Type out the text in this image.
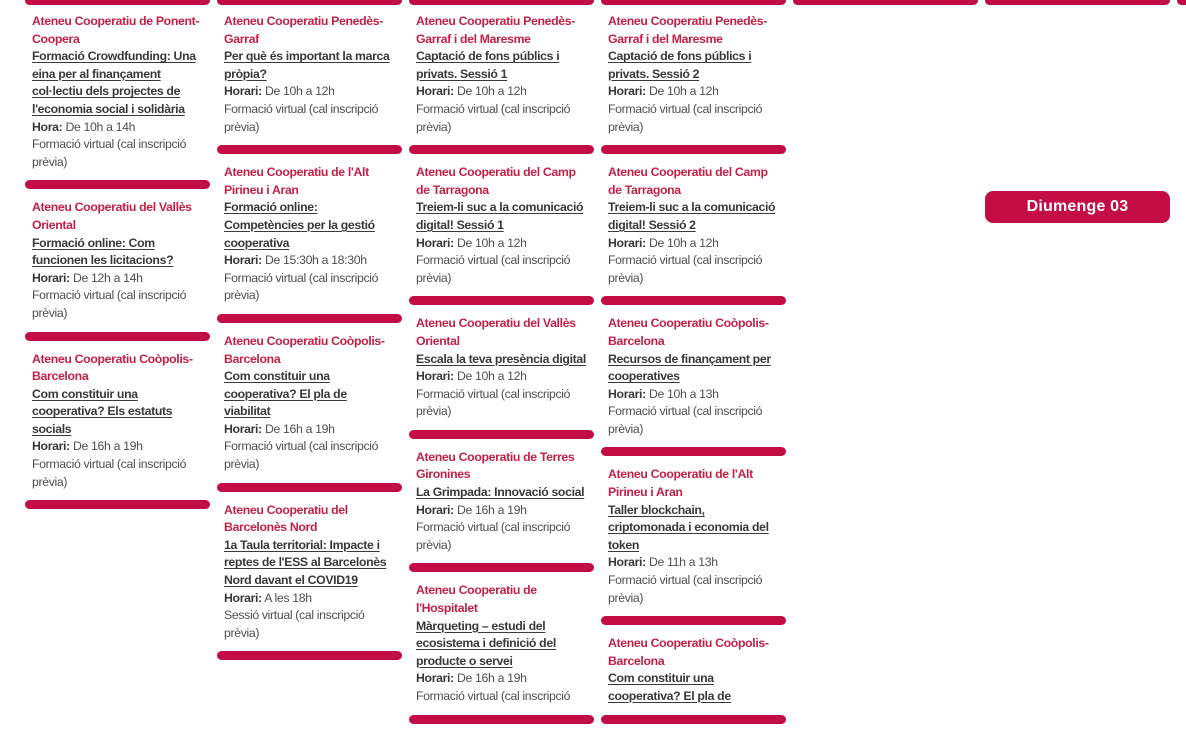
Ateneu Cooperatiu de Ponent-Coopera
Formació Crowdfunding: Una eina per al finançament col·lectiu dels projectes de l'economia social i solidària
Hora: De 10h a 14h
Formació virtual (cal inscripció prèvia)
Ateneu Cooperatiu del Vallès Oriental
Formació online: Com funcionen les licitacions?
Horari: De 12h a 14h
Formació virtual (cal inscripció prèvia)
Ateneu Cooperatiu Coòpolis-Barcelona
Com constituir una cooperativa? Els estatuts socials
Horari: De 16h a 19h
Formació virtual (cal inscripció prèvia)
Ateneu Cooperatiu Penedès-Garraf
Per què és important la marca pròpia?
Horari: De 10h a 12h
Formació virtual (cal inscripció prèvia)
Ateneu Cooperatiu de l'Alt Pirineu i Aran
Formació online: Competències per la gestió cooperativa
Horari: De 15:30h a 18:30h
Formació virtual (cal inscripció prèvia)
Ateneu Cooperatiu Coòpolis-Barcelona
Com constituir una cooperativa? El pla de viabilitat
Horari: De 16h a 19h
Formació virtual (cal inscripció prèvia)
Ateneu Cooperatiu del Barcelonès Nord
1a Taula territorial: Impacte i reptes de l'ESS al Barcelonès Nord davant el COVID19
Horari: A les 18h
Sessió virtual (cal inscripció prèvia)
Ateneu Cooperatiu Penedès-Garraf i del Maresme
Captació de fons públics i privats. Sessió 1
Horari: De 10h a 12h
Formació virtual (cal inscripció prèvia)
Ateneu Cooperatiu del Camp de Tarragona
Treiem-li suc a la comunicació digital! Sessió 1
Horari: De 10h a 12h
Formació virtual (cal inscripció prèvia)
Ateneu Cooperatiu del Vallès Oriental
Escala la teva presència digital
Horari: De 10h a 12h
Formació virtual (cal inscripció prèvia)
Ateneu Cooperatiu de Terres Gironines
La Grimpada: Innovació social
Horari: De 16h a 19h
Formació virtual (cal inscripció prèvia)
Ateneu Cooperatiu de l'Hospitalet
Màrqueting – estudi del ecosistema i definició del producte o servei
Horari: De 16h a 19h
Formació virtual (cal inscripció
Ateneu Cooperatiu Penedès-Garraf i del Maresme
Captació de fons públics i privats. Sessió 2
Horari: De 10h a 12h
Formació virtual (cal inscripció prèvia)
Ateneu Cooperatiu del Camp de Tarragona
Treiem-li suc a la comunicació digital! Sessió 2
Horari: De 10h a 12h
Formació virtual (cal inscripció prèvia)
Ateneu Cooperatiu Coòpolis-Barcelona
Recursos de finançament per cooperatives
Horari: De 10h a 13h
Formació virtual (cal inscripció prèvia)
Ateneu Cooperatiu de l'Alt Pirineu i Aran
Taller blockchain, criptomonada i economia del token
Horari: De 11h a 13h
Formació virtual (cal inscripció prèvia)
Ateneu Cooperatiu Coòpolis-Barcelona
Com constituir una cooperativa? El pla de
Diumenge 03
